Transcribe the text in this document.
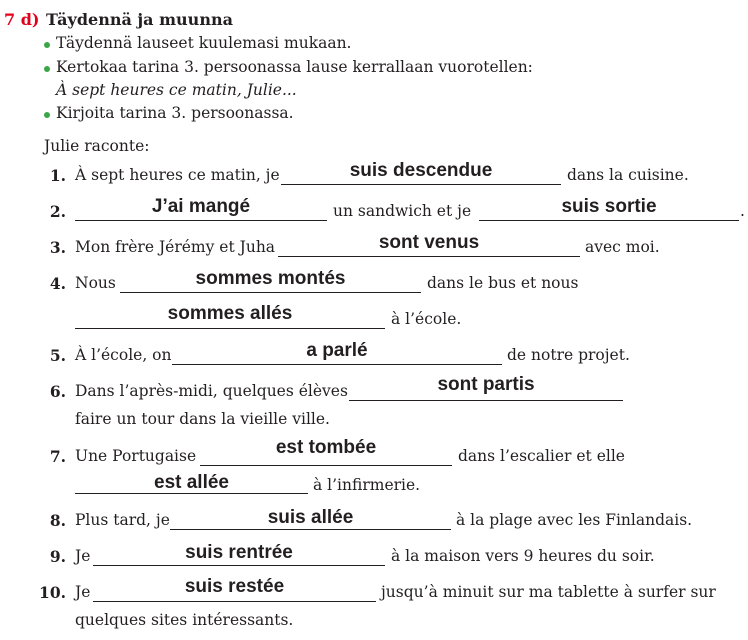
7 d) Täydennä ja muunna
Täydennä lauseet kuulemasi mukaan.
Kertokaa tarina 3. persoonassa lause kerrallaan vuorotellen:
À sept heures ce matin, Julie...
Kirjoita tarina 3. persoonassa.
Julie raconte:
1. À sept heures ce matin, je	suis descendue	dans la cuisine.
2.	J’ai mangé	un sandwich et je	suis sortie	.
3. Mon frère Jérémy et Juha	sont venus	avec moi.
4. Nous	sommes montés	dans le bus et nous
sommes allés	à l’école.
5. À l’école, on	a parlé	de notre projet.
6. Dans l’après-midi, quelques élèves	sont partis
faire un tour dans la vieille ville.
7. Une Portugaise	est tombée	dans l’escalier et elle
est allée	à l’infirmerie.
8. Plus tard, je	suis allée	à la plage avec les Finlandais.
9. Je	suis rentrée	à la maison vers 9 heures du soir.
10. Je	suis restée	jusqu’à minuit sur ma tablette à surfer sur
quelques sites intéressants.
